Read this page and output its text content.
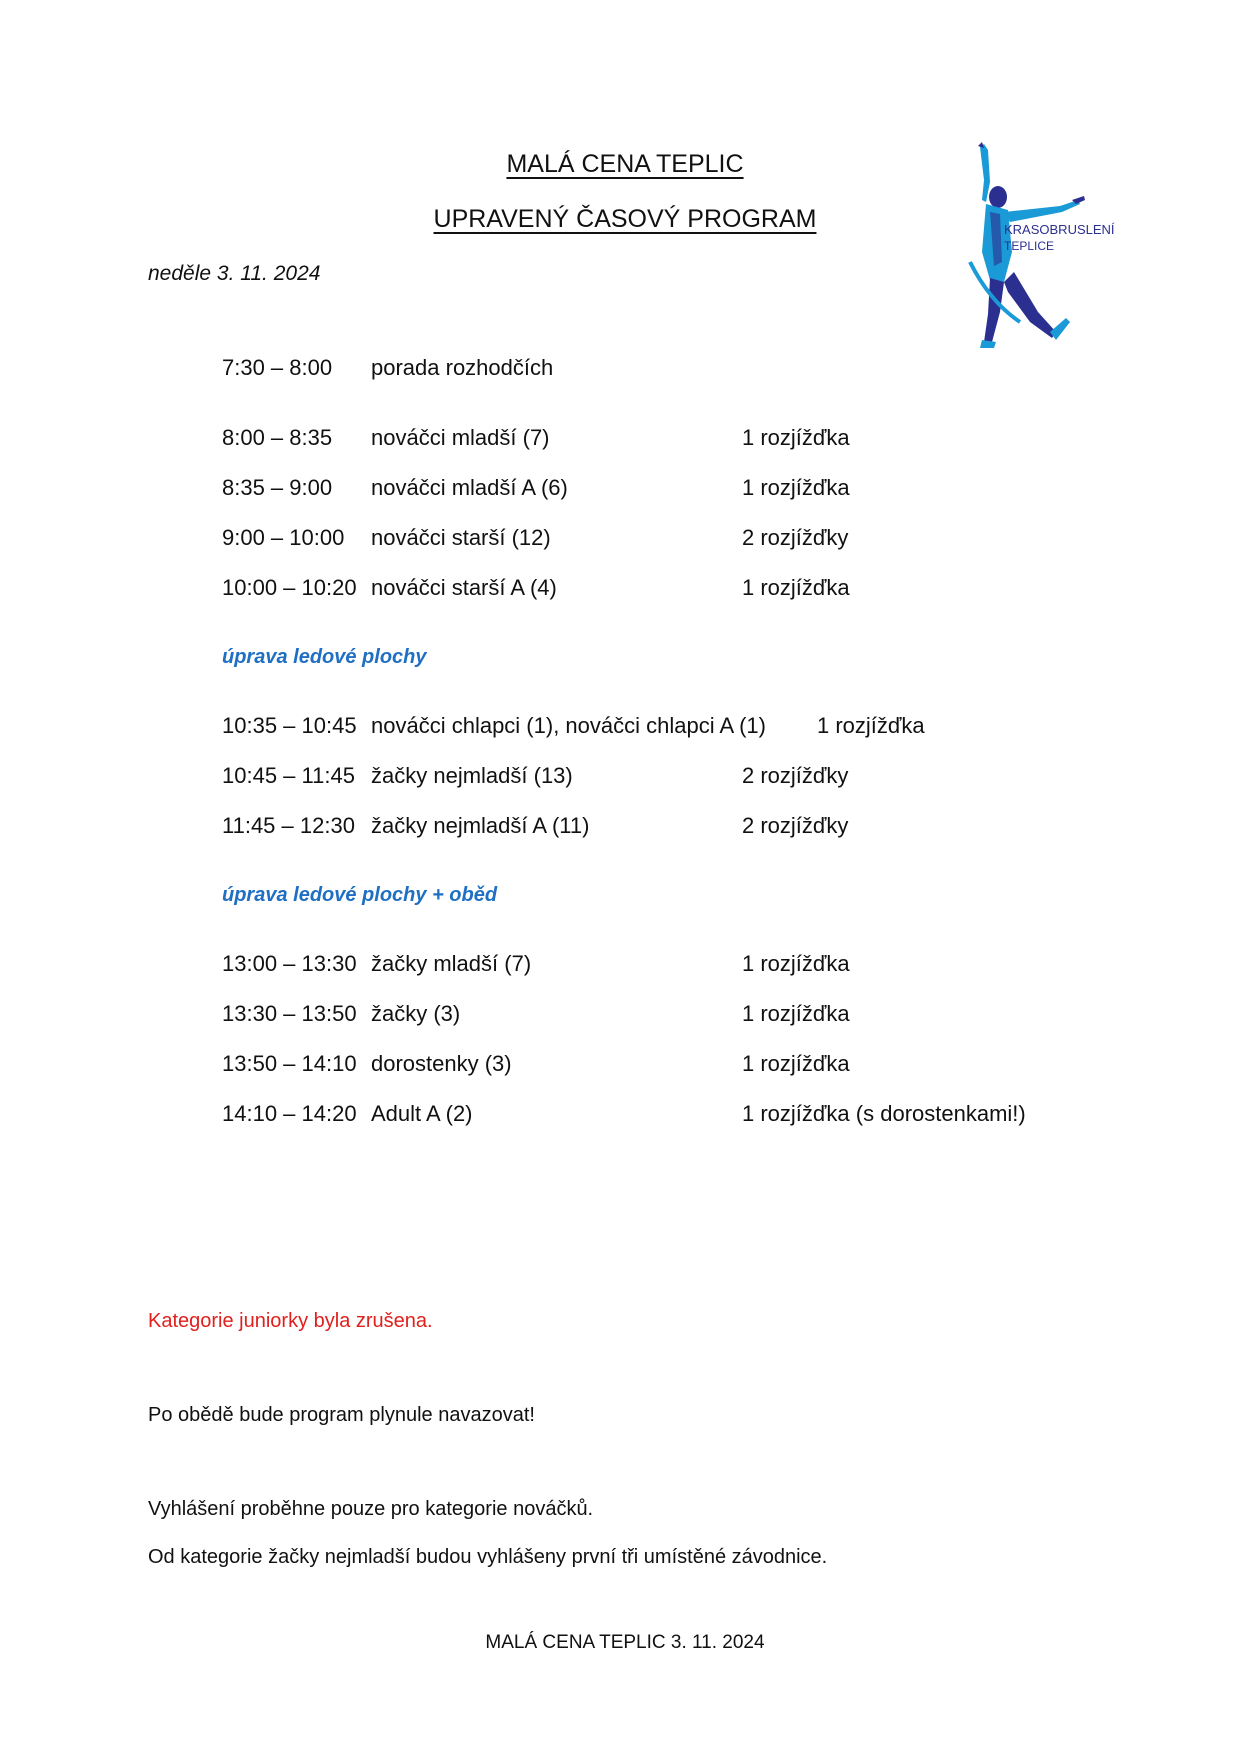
MALÁ CENA TEPLIC
UPRAVENÝ ČASOVÝ PROGRAM
neděle 3. 11. 2024
KRASOBRUSLENÍ
TEPLICE
7:30 – 8:00 porada rozhodčích
8:00 – 8:35 nováčci mladší (7)	1 rozjížďka
8:35 – 9:00 nováčci mladší A (6)	1 rozjížďka
9:00 – 10:00 nováčci starší (12)	2 rozjížďky
10:00 – 10:20 nováčci starší A (4)	1 rozjížďka
úprava ledové plochy
10:35 – 10:45 nováčci chlapci (1), nováčci chlapci A (1) 1 rozjížďka
10:45 – 11:45 žačky nejmladší (13)	2 rozjížďky
11:45 – 12:30 žačky nejmladší A (11)	2 rozjížďky
úprava ledové plochy + oběd
13:00 – 13:30 žačky mladší (7)	1 rozjížďka
13:30 – 13:50 žačky (3)	1 rozjížďka
13:50 – 14:10 dorostenky (3)	1 rozjížďka
14:10 – 14:20 Adult A (2)	1 rozjížďka (s dorostenkami!)
Kategorie juniorky byla zrušena.
Po obědě bude program plynule navazovat!
Vyhlášení proběhne pouze pro kategorie nováčků.
Od kategorie žačky nejmladší budou vyhlášeny první tři umístěné závodnice.
MALÁ CENA TEPLIC 3. 11. 2024
